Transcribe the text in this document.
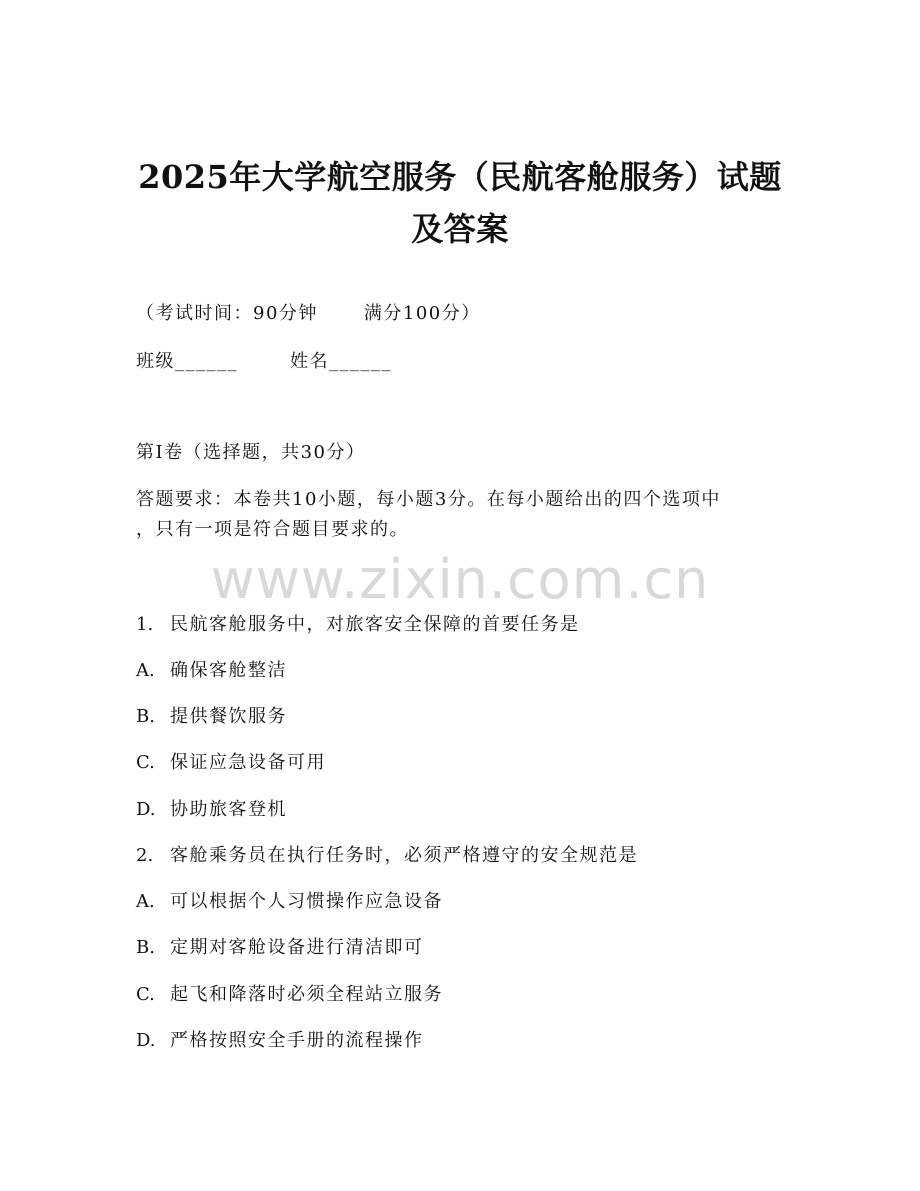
2025年大学航空服务（民航客舱服务）试题
及答案
（考试时间：90分钟	满分100分）
班级______	姓名______
第I卷（选择题，共30分）
答题要求：本卷共10小题，每小题3分。在每小题给出的四个选项中
，只有一项是符合题目要求的。
1. 民航客舱服务中，对旅客安全保障的首要任务是
A. 确保客舱整洁
B. 提供餐饮服务
C. 保证应急设备可用
D. 协助旅客登机
2. 客舱乘务员在执行任务时，必须严格遵守的安全规范是
A. 可以根据个人习惯操作应急设备
B. 定期对客舱设备进行清洁即可
C. 起飞和降落时必须全程站立服务
D. 严格按照安全手册的流程操作
www.zixin.com.cn
